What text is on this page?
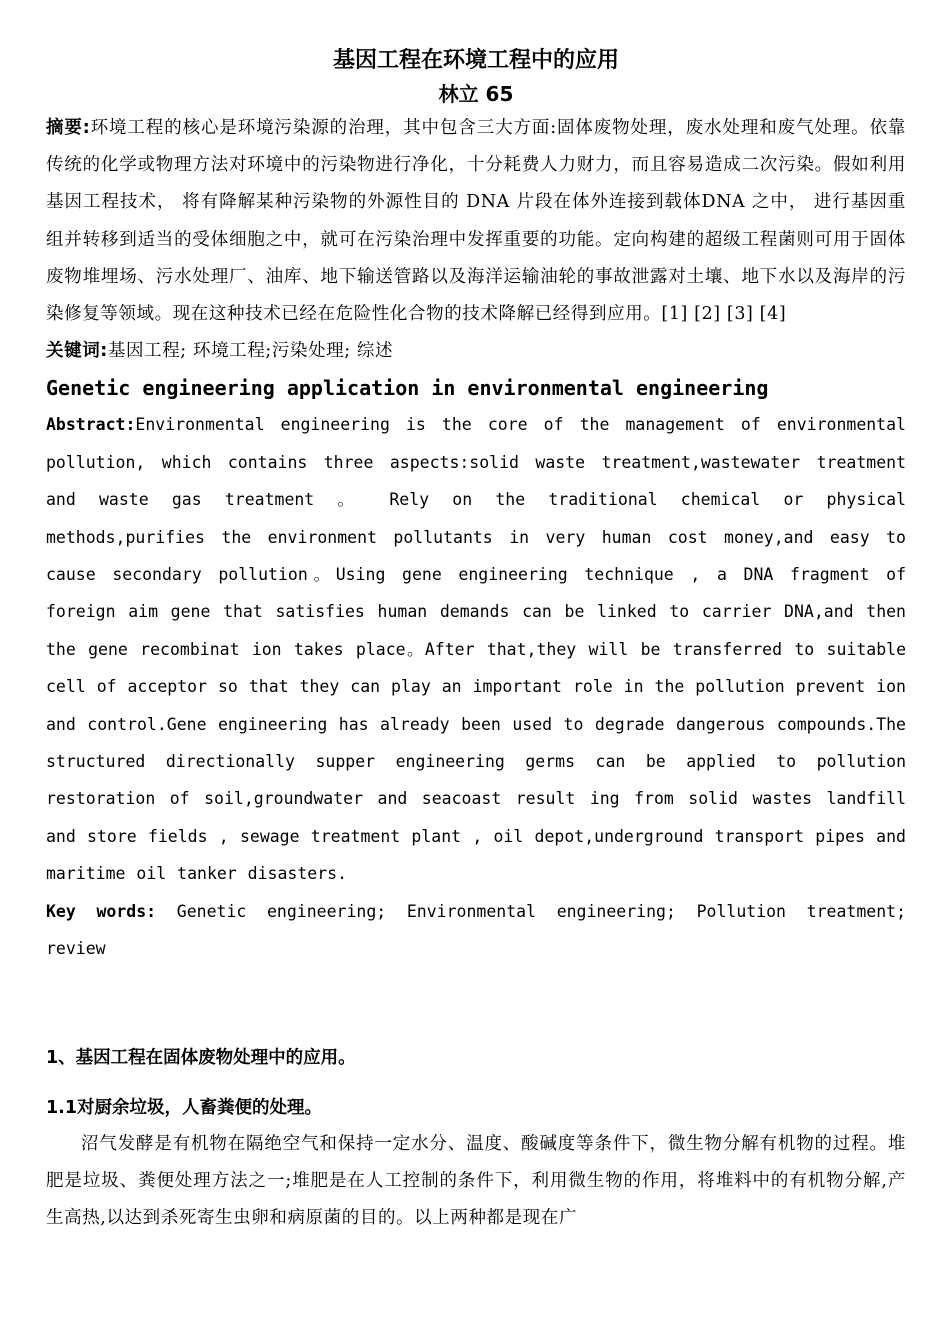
基因工程在环境工程中的应用

林立 65

摘要:环境工程的核心是环境污染源的治理，其中包含三大方面:固体废物处理，废水处理和废气处理。依靠传统的化学或物理方法对环境中的污染物进行净化，十分耗费人力财力，而且容易造成二次污染。假如利用基因工程技术， 将有降解某种污染物的外源性目的 DNA 片段在体外连接到载体DNA 之中， 进行基因重组并转移到适当的受体细胞之中，就可在污染治理中发挥重要的功能。定向构建的超级工程菌则可用于固体废物堆埋场、污水处理厂、油库、地下输送管路以及海洋运输油轮的事故泄露对土壤、地下水以及海岸的污染修复等领域。现在这种技术已经在危险性化合物的技术降解已经得到应用。[1] [2] [3] [4]

关键词:基因工程; 环境工程;污染处理; 综述

Genetic engineering application in environmental engineering

Abstract:Environmental engineering is the core of the management of environmental pollution, which contains three aspects:solid waste treatment,wastewater treatment and waste gas treatment 。 Rely on the traditional chemical or physical methods,purifies the environment pollutants in very human cost money,and easy to cause secondary pollution。Using gene engineering technique , a DNA fragment of foreign aim gene that satisfies human demands can be linked to carrier DNA,and then the gene recombinat ion takes place。After that,they will be transferred to suitable cell of acceptor so that they can play an important role in the pollution prevent ion and control.Gene engineering has already been used to degrade dangerous compounds.The structured directionally supper engineering germs can be applied to pollution restoration of soil,groundwater and seacoast result ing from solid wastes landfill and store fields , sewage treatment plant , oil depot,underground transport pipes and maritime oil tanker disasters.

Key words: Genetic engineering; Environmental engineering; Pollution treatment; review

1、基因工程在固体废物处理中的应用。
1.1对厨余垃圾，人畜粪便的处理。

沼气发酵是有机物在隔绝空气和保持一定水分、温度、酸碱度等条件下，微生物分解有机物的过程。堆肥是垃圾、粪便处理方法之一;堆肥是在人工控制的条件下，利用微生物的作用，将堆料中的有机物分解,产生高热,以达到杀死寄生虫卵和病原菌的目的。以上两种都是现在广
